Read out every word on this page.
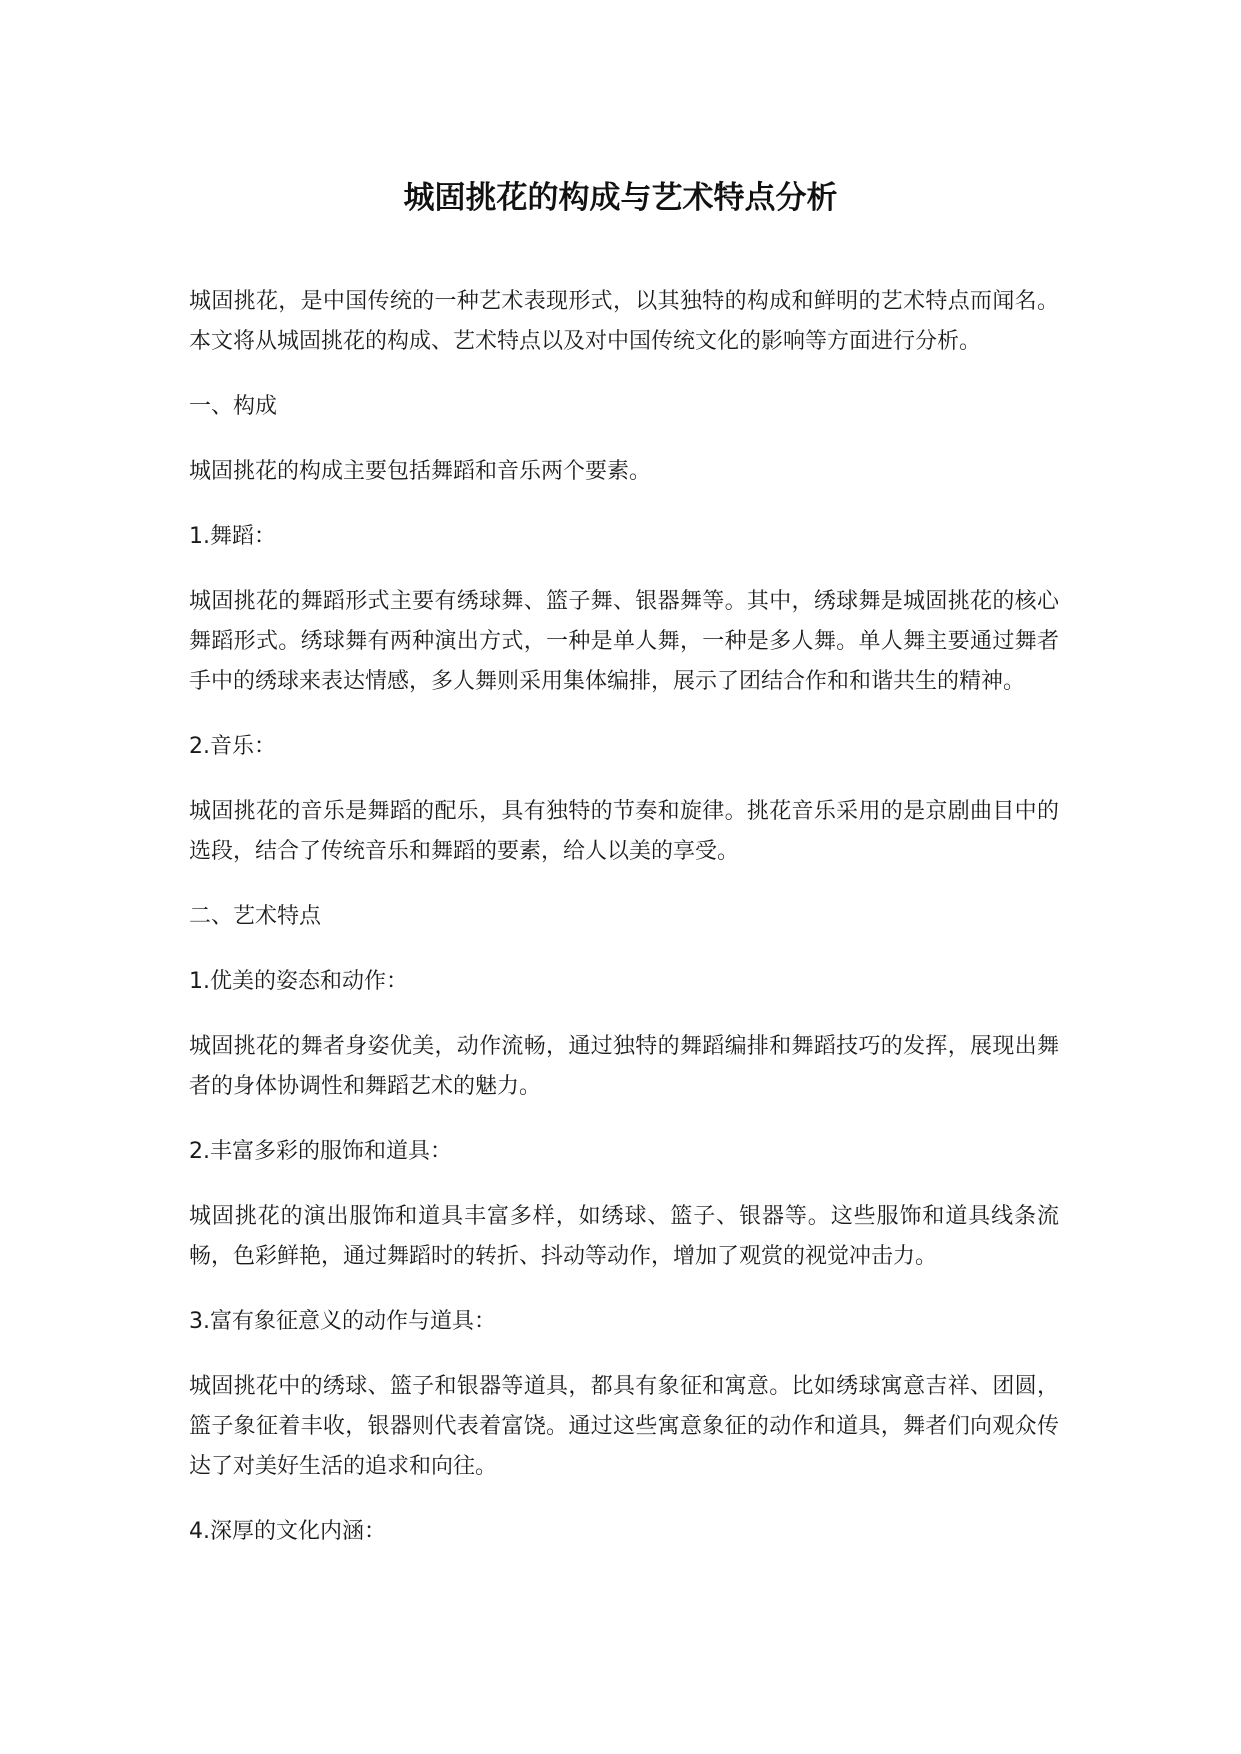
城固挑花的构成与艺术特点分析

城固挑花，是中国传统的一种艺术表现形式，以其独特的构成和鲜明的艺术特点而闻名。本文将从城固挑花的构成、艺术特点以及对中国传统文化的影响等方面进行分析。

一、构成

城固挑花的构成主要包括舞蹈和音乐两个要素。

1.舞蹈：

城固挑花的舞蹈形式主要有绣球舞、篮子舞、银器舞等。其中，绣球舞是城固挑花的核心舞蹈形式。绣球舞有两种演出方式，一种是单人舞，一种是多人舞。单人舞主要通过舞者手中的绣球来表达情感，多人舞则采用集体编排，展示了团结合作和和谐共生的精神。

2.音乐：

城固挑花的音乐是舞蹈的配乐，具有独特的节奏和旋律。挑花音乐采用的是京剧曲目中的选段，结合了传统音乐和舞蹈的要素，给人以美的享受。

二、艺术特点

1.优美的姿态和动作：

城固挑花的舞者身姿优美，动作流畅，通过独特的舞蹈编排和舞蹈技巧的发挥，展现出舞者的身体协调性和舞蹈艺术的魅力。

2.丰富多彩的服饰和道具：

城固挑花的演出服饰和道具丰富多样，如绣球、篮子、银器等。这些服饰和道具线条流畅，色彩鲜艳，通过舞蹈时的转折、抖动等动作，增加了观赏的视觉冲击力。

3.富有象征意义的动作与道具：

城固挑花中的绣球、篮子和银器等道具，都具有象征和寓意。比如绣球寓意吉祥、团圆，篮子象征着丰收，银器则代表着富饶。通过这些寓意象征的动作和道具，舞者们向观众传达了对美好生活的追求和向往。

4.深厚的文化内涵：
